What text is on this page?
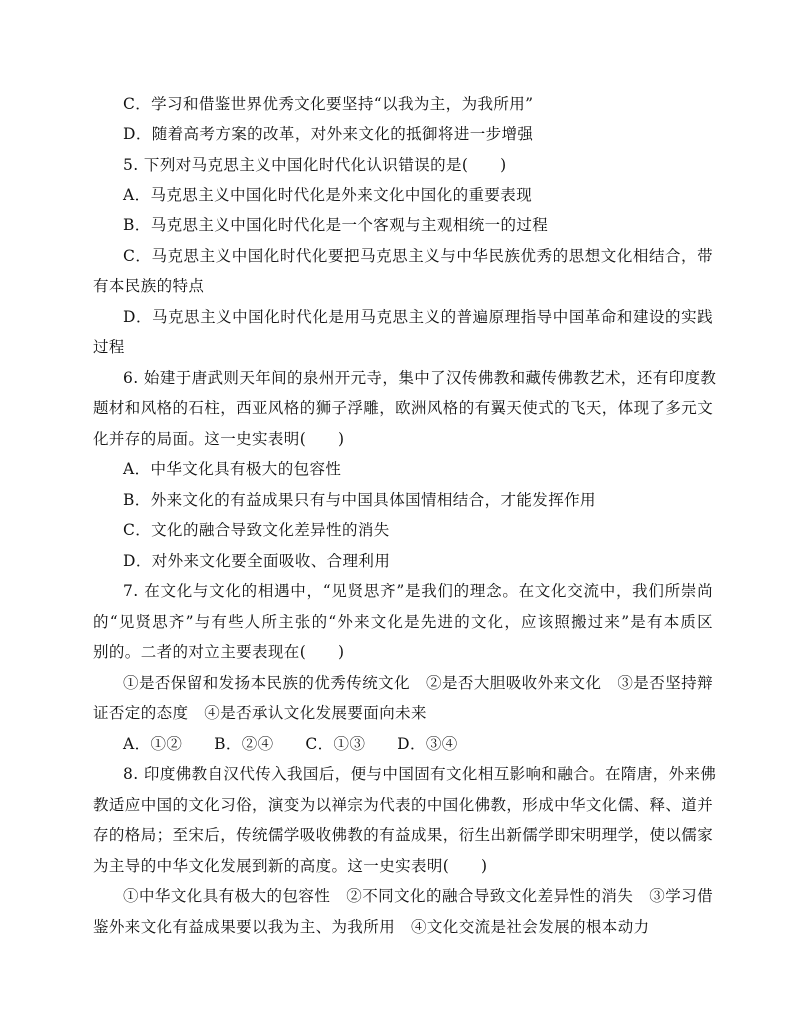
C．学习和借鉴世界优秀文化要坚持“以我为主，为我所用”
D．随着高考方案的改革，对外来文化的抵御将进一步增强
5. 下列对马克思主义中国化时代化认识错误的是(　　)
A．马克思主义中国化时代化是外来文化中国化的重要表现
B．马克思主义中国化时代化是一个客观与主观相统一的过程
C．马克思主义中国化时代化要把马克思主义与中华民族优秀的思想文化相结合，带
有本民族的特点
D．马克思主义中国化时代化是用马克思主义的普遍原理指导中国革命和建设的实践
过程
6. 始建于唐武则天年间的泉州开元寺，集中了汉传佛教和藏传佛教艺术，还有印度教
题材和风格的石柱，西亚风格的狮子浮雕，欧洲风格的有翼天使式的飞天，体现了多元文
化并存的局面。这一史实表明(　　)
A．中华文化具有极大的包容性
B．外来文化的有益成果只有与中国具体国情相结合，才能发挥作用
C．文化的融合导致文化差异性的消失
D．对外来文化要全面吸收、合理利用
7. 在文化与文化的相遇中，“见贤思齐”是我们的理念。在文化交流中，我们所崇尚
的“见贤思齐”与有些人所主张的“外来文化是先进的文化，应该照搬过来”是有本质区
别的。二者的对立主要表现在(　　)
①是否保留和发扬本民族的优秀传统文化　②是否大胆吸收外来文化　③是否坚持辩
证否定的态度　④是否承认文化发展要面向未来
A．①②　　B．②④　　C．①③　　D．③④
8. 印度佛教自汉代传入我国后，便与中国固有文化相互影响和融合。在隋唐，外来佛
教适应中国的文化习俗，演变为以禅宗为代表的中国化佛教，形成中华文化儒、释、道并
存的格局；至宋后，传统儒学吸收佛教的有益成果，衍生出新儒学即宋明理学，使以儒家
为主导的中华文化发展到新的高度。这一史实表明(　　)
①中华文化具有极大的包容性　②不同文化的融合导致文化差异性的消失　③学习借
鉴外来文化有益成果要以我为主、为我所用　④文化交流是社会发展的根本动力
